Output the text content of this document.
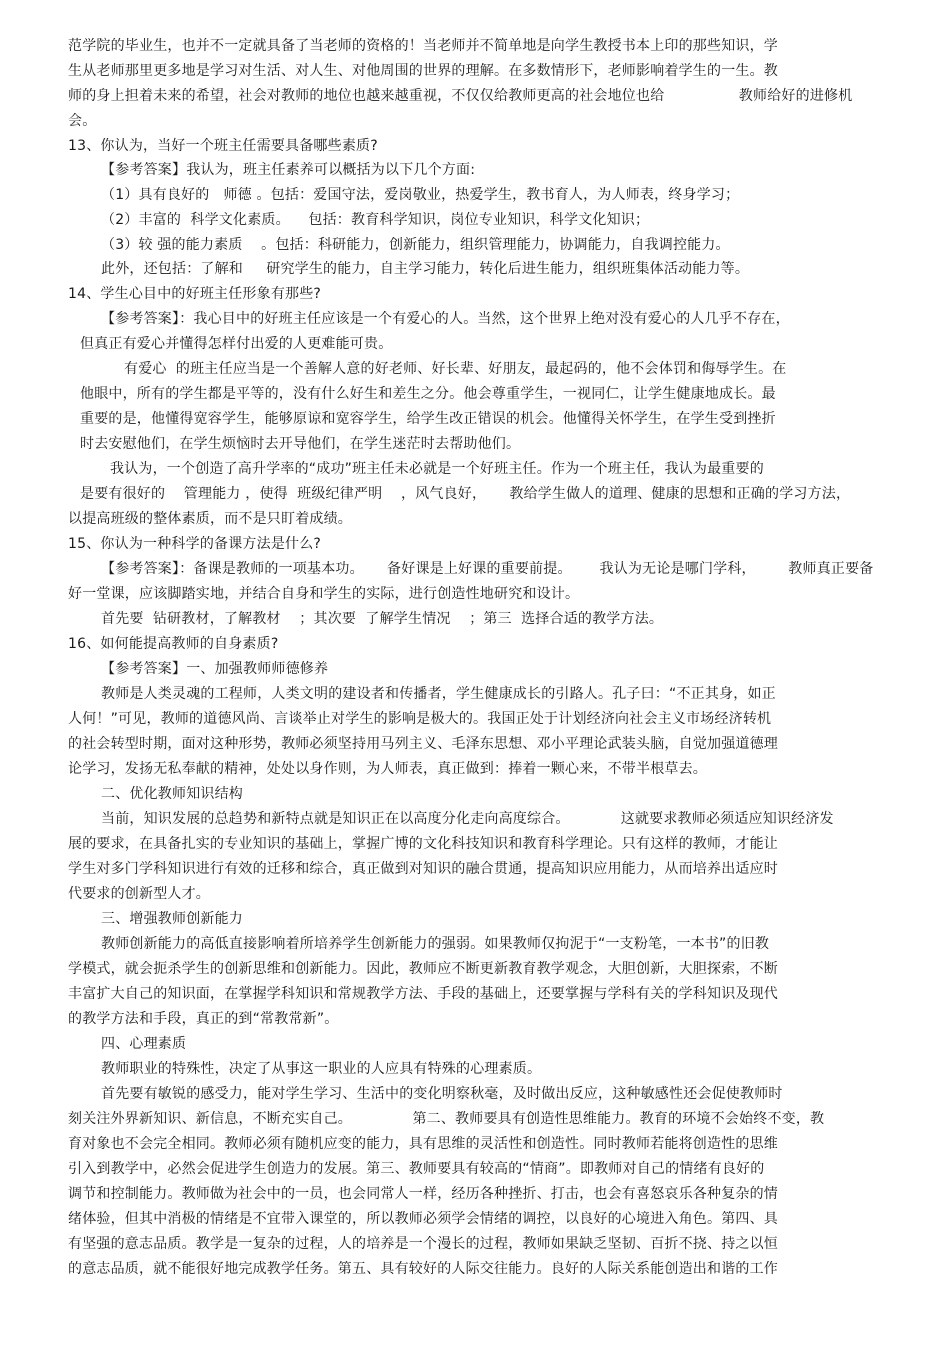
范学院的毕业生，也并不一定就具备了当老师的资格的！当老师并不简单地是向学生教授书本上印的那些知识，学
生从老师那里更多地是学习对生活、对人生、对他周围的世界的理解。在多数情形下，老师影响着学生的一生。教
师的身上担着未来的希望，社会对教师的地位也越来越重视，不仅仅给教师更高的社会地位也给                教师给好的进修机
会。
13、你认为，当好一个班主任需要具备哪些素质?
【参考答案】我认为，班主任素养可以概括为以下几个方面:
（1）具有良好的   师德 。包括：爱国守法，爱岗敬业，热爱学生，教书育人，为人师表，终身学习；
（2）丰富的  科学文化素质。    包括：教育科学知识，岗位专业知识，科学文化知识；
（3）较 强的能力素质    。包括：科研能力，创新能力，组织管理能力，协调能力，自我调控能力。
此外，还包括：了解和     研究学生的能力，自主学习能力，转化后进生能力，组织班集体活动能力等。
14、学生心目中的好班主任形象有那些?
【参考答案】：我心目中的好班主任应该是一个有爱心的人。当然，这个世界上绝对没有爱心的人几乎不存在，
但真正有爱心并懂得怎样付出爱的人更难能可贵。
有爱心  的班主任应当是一个善解人意的好老师、好长辈、好朋友，最起码的，他不会体罚和侮辱学生。在
他眼中，所有的学生都是平等的，没有什么好生和差生之分。他会尊重学生，一视同仁，让学生健康地成长。最
重要的是，他懂得宽容学生，能够原谅和宽容学生，给学生改正错误的机会。他懂得关怀学生，在学生受到挫折
时去安慰他们，在学生烦恼时去开导他们，在学生迷茫时去帮助他们。
我认为，一个创造了高升学率的“成功”班主任未必就是一个好班主任。作为一个班主任，我认为最重要的
是要有很好的    管理能力 ，使得  班级纪律严明    ，风气良好，     教给学生做人的道理、健康的思想和正确的学习方法，
以提高班级的整体素质，而不是只盯着成绩。
15、你认为一种科学的备课方法是什么?
【参考答案】：备课是教师的一项基本功。     备好课是上好课的重要前提。      我认为无论是哪门学科，       教师真正要备
好一堂课，应该脚踏实地，并结合自身和学生的实际，进行创造性地研究和设计。
首先要  钻研教材，了解教材    ；其次要  了解学生情况    ；第三  选择合适的教学方法。
16、如何能提高教师的自身素质?
【参考答案】一、加强教师师德修养
教师是人类灵魂的工程师，人类文明的建设者和传播者，学生健康成长的引路人。孔子曰：“不正其身，如正
人何！”可见，教师的道德风尚、言谈举止对学生的影响是极大的。我国正处于计划经济向社会主义市场经济转机
的社会转型时期，面对这种形势，教师必须坚持用马列主义、毛泽东思想、邓小平理论武装头脑，自觉加强道德理
论学习，发扬无私奉献的精神，处处以身作则，为人师表，真正做到：捧着一颗心来，不带半根草去。
二、优化教师知识结构
当前，知识发展的总趋势和新特点就是知识正在以高度分化走向高度综合。           这就要求教师必须适应知识经济发
展的要求，在具备扎实的专业知识的基础上，掌握广博的文化科技知识和教育科学理论。只有这样的教师，才能让
学生对多门学科知识进行有效的迁移和综合，真正做到对知识的融合贯通，提高知识应用能力，从而培养出适应时
代要求的创新型人才。
三、增强教师创新能力
教师创新能力的高低直接影响着所培养学生创新能力的强弱。如果教师仅拘泥于“一支粉笔，一本书”的旧教
学模式，就会扼杀学生的创新思维和创新能力。因此，教师应不断更新教育教学观念，大胆创新，大胆探索，不断
丰富扩大自己的知识面，在掌握学科知识和常规教学方法、手段的基础上，还要掌握与学科有关的学科知识及现代
的教学方法和手段，真正的到“常教常新”。
四、心理素质
教师职业的特殊性，决定了从事这一职业的人应具有特殊的心理素质。
首先要有敏锐的感受力，能对学生学习、生活中的变化明察秋毫，及时做出反应，这种敏感性还会促使教师时
刻关注外界新知识、新信息，不断充实自己。             第二、教师要具有创造性思维能力。教育的环境不会始终不变，教
育对象也不会完全相同。教师必须有随机应变的能力，具有思维的灵活性和创造性。同时教师若能将创造性的思维
引入到教学中，必然会促进学生创造力的发展。第三、教师要具有较高的“情商”。即教师对自己的情绪有良好的
调节和控制能力。教师做为社会中的一员，也会同常人一样，经历各种挫折、打击，也会有喜怒哀乐各种复杂的情
绪体验，但其中消极的情绪是不宜带入课堂的，所以教师必须学会情绪的调控，以良好的心境进入角色。第四、具
有坚强的意志品质。教学是一复杂的过程，人的培养是一个漫长的过程，教师如果缺乏坚韧、百折不挠、持之以恒
的意志品质，就不能很好地完成教学任务。第五、具有较好的人际交往能力。良好的人际关系能创造出和谐的工作
